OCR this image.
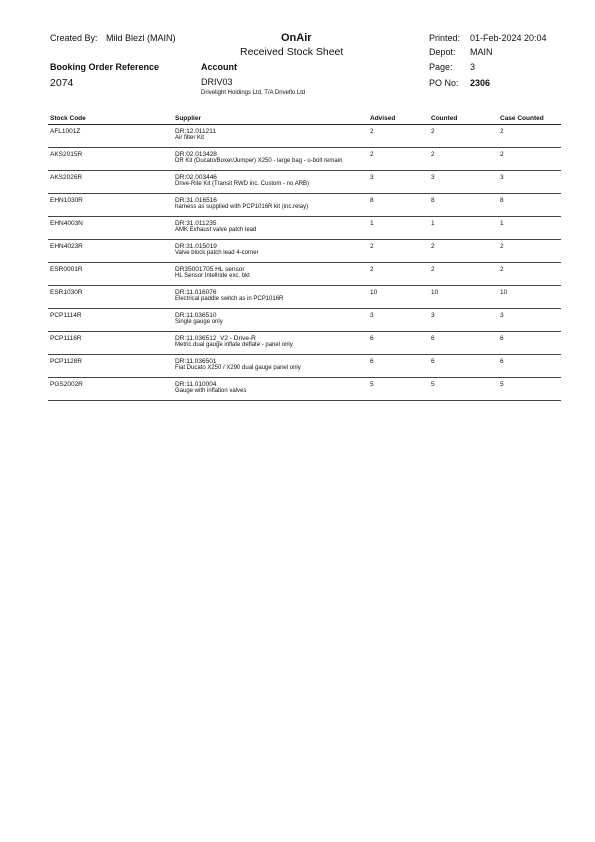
Created By: Mild Blezl (MAIN)	OnAir
Received Stock Sheet
Printed: 01-Feb-2024 20:04
Depot: MAIN
Page: 3
PO No: 2306
Booking Order Reference
2074
Account
DRIV03
Drivelight Holdings Ltd, T/A Driveflo Ltd
Stock Code	Supplier	Advised	Counted	Case Counted
AFL1001Z	DR:12.011211
Air filter Kit
2	2	2
AKS2015R	DR:02.013428
DR Kit (Ducato/Boxer/Jumper) X250 - large bag - u-bolt remain
2	2	2
AKS2026R	DR:02.003446
Drive-Rite Kit (Transit RWD inc. Custom - no ARB)
3	3	3
EHN1030R	DR:31.016516
harness as supplied with PCP1016R kit (inc.relay)
8	8	8
EHN4003N	DR:31.011235
AMK Exhaust valve patch lead
1	1	1
EHN4023R	DR:31.015019
Valve block patch lead 4-corner
2	2	2
ESR0001R	DR35001705 HL sensor
HL Sensor Intellride exc. bkt
2	2	2
ESR1030R	DR:11.016076
Electrical paddle switch as in PCP1016R
10	10	10
PCP1114R	DR:11.036510
Single gauge only
3	3	3
PCP1116R	DR:11.036512_V2 - Drive-R
Metric dual gauge inflate deflate - panel only
6	6	6
PCP1128R	DR:11.036501
Fiat Ducato X250 / X290 dual gauge panel only
6	6	6
PGS2002R	DR:11.010004
Gauge with inflation valves
5	5	5
